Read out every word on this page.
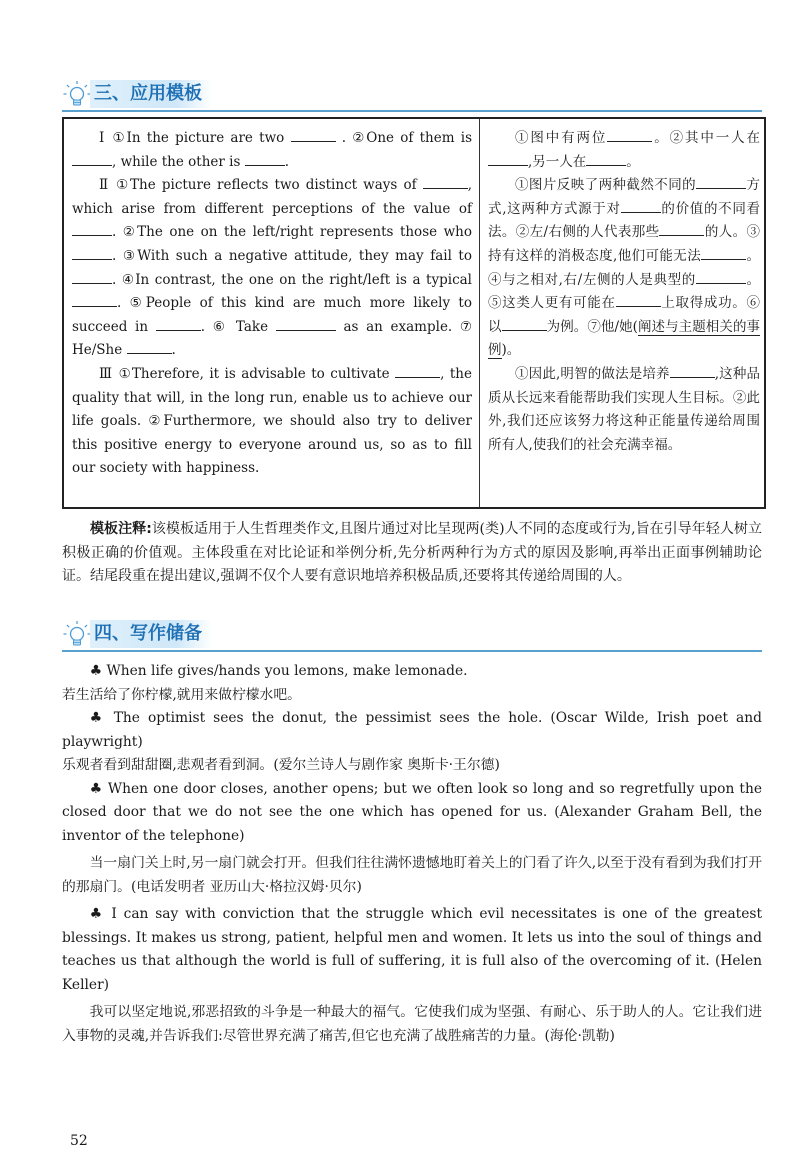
三、应用模板

Ⅰ ①In the picture are two	. ②One of them is , while the other is	.

Ⅱ ①The picture reflects two distinct ways of	, which arise from different perceptions of the value of . ②The one on the left/right represents those who . ③With such a negative attitude, they may fail to . ④In contrast, the one on the right/left is a typical . ⑤People of this kind are much more likely to succeed in	. ⑥ Take	as an example. ⑦ He/She	.

Ⅲ ①Therefore, it is advisable to cultivate	, the quality that will, in the long run, enable us to achieve our life goals. ②Furthermore, we should also try to deliver this positive energy to everyone around us, so as to fill our society with happiness.

①图中有两位	。②其中一人在,另一人在	。

①图片反映了两种截然不同的	方式,这两种方式源于对	的价值的不同看法。②左/右侧的人代表那些	的人。③持有这样的消极态度,他们可能无法	。④与之相对,右/左侧的人是典型的	。⑤这类人更有可能在	上取得成功。⑥以	为例。⑦他/她(阐述与主题相关的事例)。

①因此,明智的做法是培养	,这种品质从长远来看能帮助我们实现人生目标。②此外,我们还应该努力将这种正能量传递给周围所有人,使我们的社会充满幸福。

模板注释:该模板适用于人生哲理类作文,且图片通过对比呈现两(类)人不同的态度或行为,旨在引导年轻人树立积极正确的价值观。主体段重在对比论证和举例分析,先分析两种行为方式的原因及影响,再举出正面事例辅助论证。结尾段重在提出建议,强调不仅个人要有意识地培养积极品质,还要将其传递给周围的人。

四、写作储备

♣ When life gives/hands you lemons, make lemonade.

若生活给了你柠檬,就用来做柠檬水吧。

♣ The optimist sees the donut, the pessimist sees the hole. (Oscar Wilde, Irish poet and playwright)

乐观者看到甜甜圈,悲观者看到洞。(爱尔兰诗人与剧作家 奥斯卡·王尔德)

♣ When one door closes, another opens; but we often look so long and so regretfully upon the closed door that we do not see the one which has opened for us. (Alexander Graham Bell, the inventor of the telephone)

当一扇门关上时,另一扇门就会打开。但我们往往满怀遗憾地盯着关上的门看了许久,以至于没有看到为我们打开的那扇门。(电话发明者 亚历山大·格拉汉姆·贝尔)

♣ I can say with conviction that the struggle which evil necessitates is one of the greatest blessings. It makes us strong, patient, helpful men and women. It lets us into the soul of things and teaches us that although the world is full of suffering, it is full also of the overcoming of it. (Helen Keller)

我可以坚定地说,邪恶招致的斗争是一种最大的福气。它使我们成为坚强、有耐心、乐于助人的人。它让我们进入事物的灵魂,并告诉我们:尽管世界充满了痛苦,但它也充满了战胜痛苦的力量。(海伦·凯勒)

52
